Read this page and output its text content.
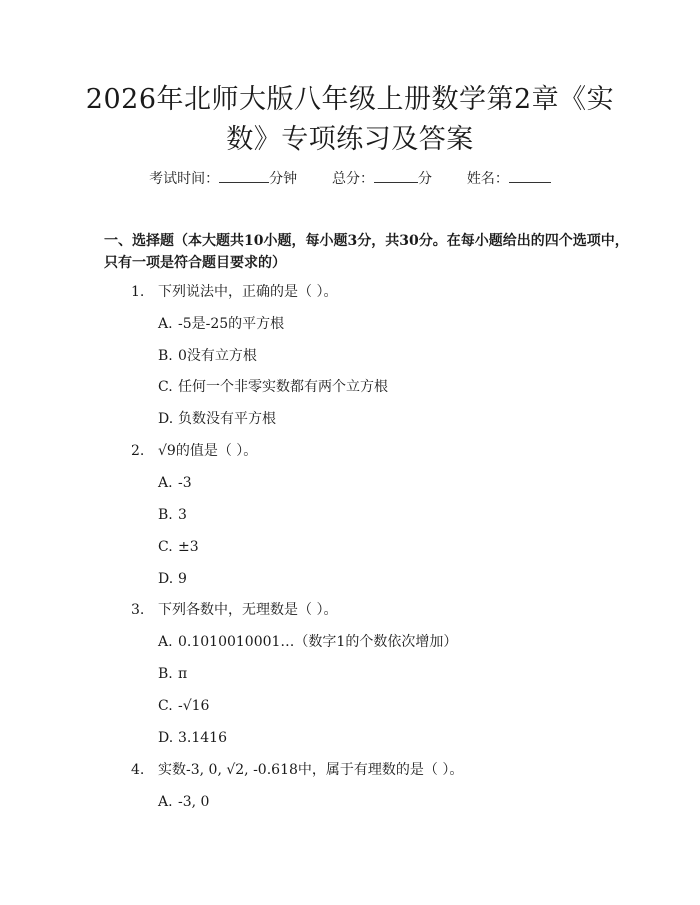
2026年北师大版八年级上册数学第2章《实数》专项练习及答案
考试时间：	分钟 总分：	分 姓名：
一、选择题（本大题共10小题，每小题3分，共30分。在每小题给出的四个选项中，只有一项是符合题目要求的）
1. 下列说法中，正确的是（ ）。
A. -5是-25的平方根
B. 0没有立方根
C. 任何一个非零实数都有两个立方根
D. 负数没有平方根
2. √9的值是（ ）。
A. -3
B. 3
C. ±3
D. 9
3. 下列各数中，无理数是（ ）。
A. 0.1010010001…（数字1的个数依次增加）
B. π
C. -√16
D. 3.1416
4. 实数-3, 0, √2, -0.618中，属于有理数的是（ ）。
A. -3, 0
